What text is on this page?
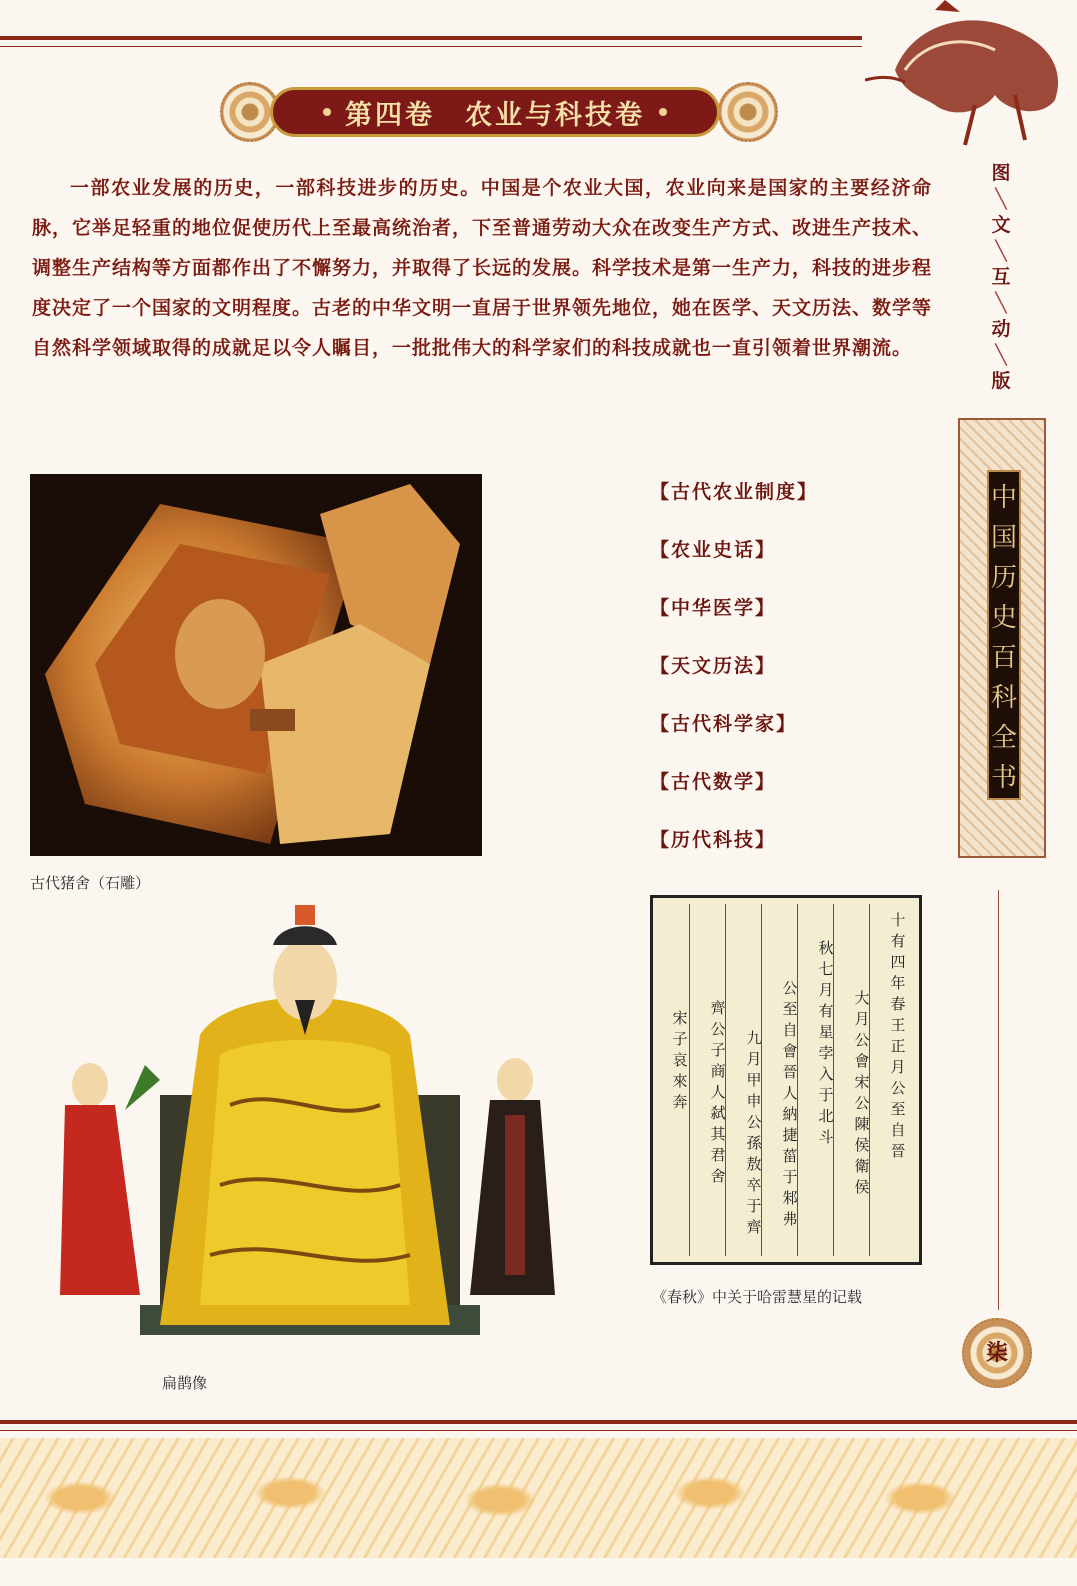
第四卷　农业与科技卷
一部农业发展的历史，一部科技进步的历史。中国是个农业大国，农业向来是国家的主要经济命脉，它举足轻重的地位促使历代上至最高统治者，下至普通劳动大众在改变生产方式、改进生产技术、调整生产结构等方面都作出了不懈努力，并取得了长远的发展。科学技术是第一生产力，科技的进步程度决定了一个国家的文明程度。古老的中华文明一直居于世界领先地位，她在医学、天文历法、数学等自然科学领域取得的成就足以令人瞩目，一批批伟大的科学家们的科技成就也一直引领着世界潮流。
图
╲
文
╲
互
╲
动
╲
版
中
国
历
史
百
科
全
书
柒
古代猪舍（石雕）
【古代农业制度】
【农业史话】
【中华医学】
【天文历法】
【古代科学家】
【古代数学】
【历代科技】
扁鹊像
十有四年春王正月公至自晉
大月公會宋公陳侯衛侯
秋七月有星孛入于北斗
公至自會晉人納捷菑于邾弗
九月甲申公孫敖卒于齊
齊公子商人弑其君舍
宋子哀來奔
《春秋》中关于哈雷慧星的记载
